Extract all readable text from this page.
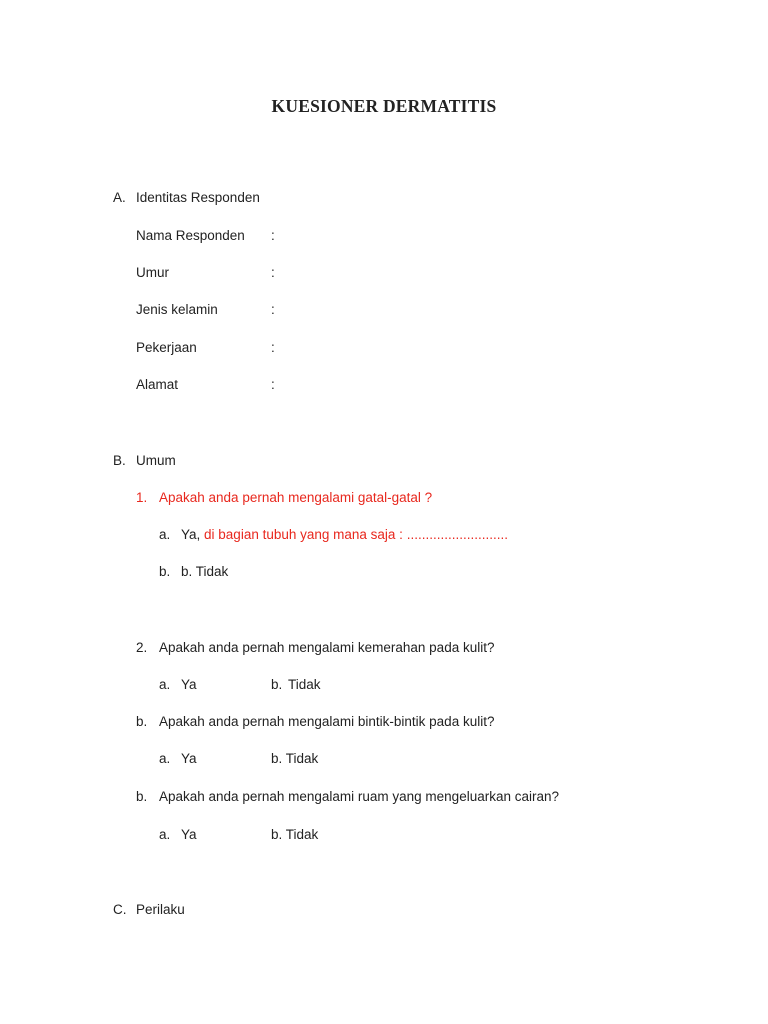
KUESIONER DERMATITIS
A. Identitas Responden
Nama Responden :
Umur	:
Jenis kelamin	:
Pekerjaan	:
Alamat	:
B. Umum
1. Apakah anda pernah mengalami gatal-gatal ?
a. Ya, di bagian tubuh yang mana saja : ...........................
b. b. Tidak
2. Apakah anda pernah mengalami kemerahan pada kulit?
a. Ya	b. Tidak
b. Apakah anda pernah mengalami bintik-bintik pada kulit?
a. Ya	b. Tidak
b. Apakah anda pernah mengalami ruam yang mengeluarkan cairan?
a. Ya	b. Tidak
C. Perilaku
